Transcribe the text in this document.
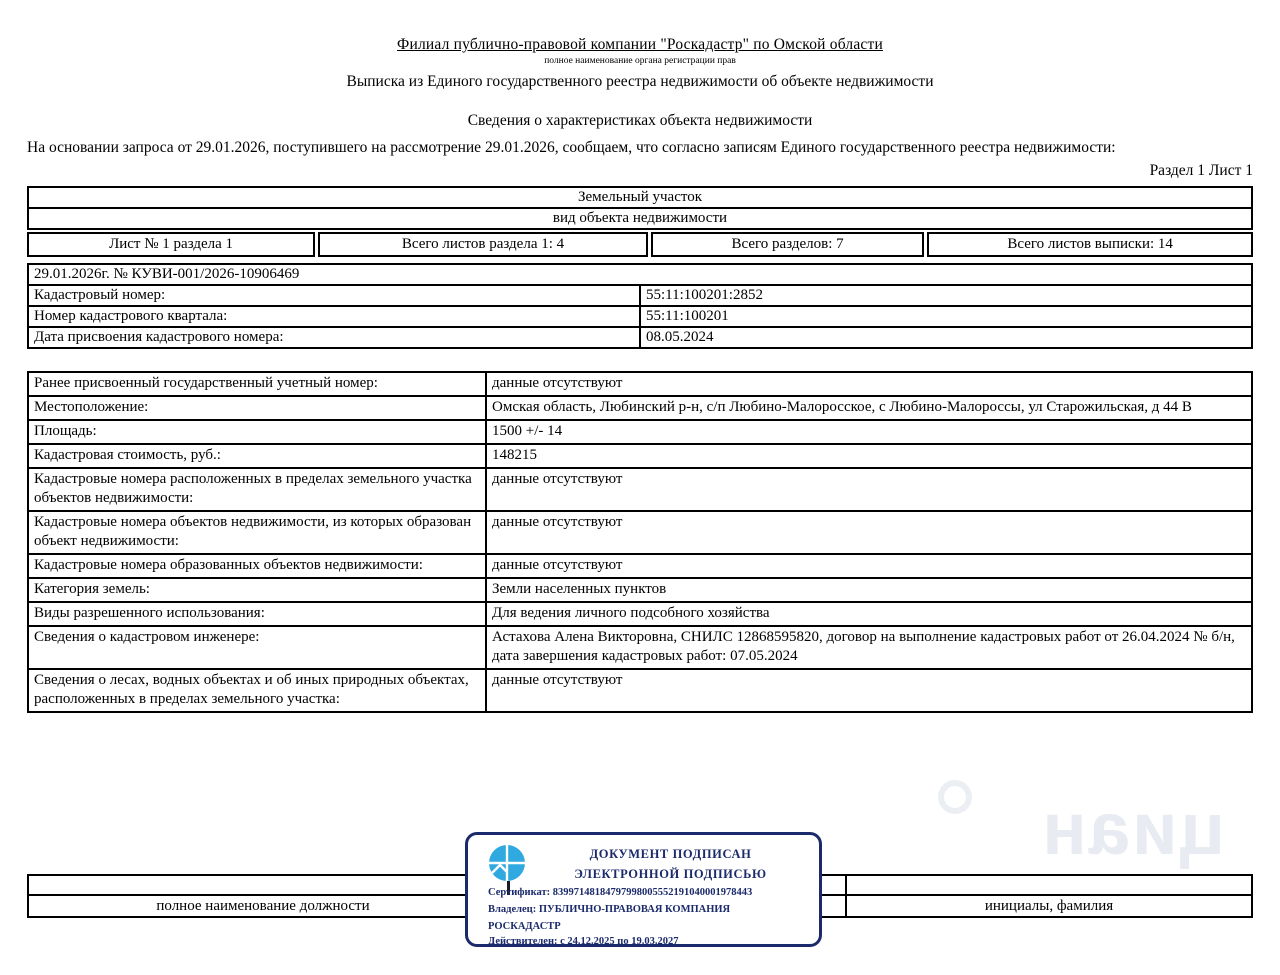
циан
Филиал публично-правовой компании "Роскадастр" по Омской области
полное наименование органа регистрации прав
Выписка из Единого государственного реестра недвижимости об объекте недвижимости
Сведения о характеристиках объекта недвижимости
На основании запроса от 29.01.2026, поступившего на рассмотрение 29.01.2026, сообщаем, что согласно записям Единого государственного реестра недвижимости:
Раздел 1 Лист 1
Земельный участок
вид объекта недвижимости
Лист № 1 раздела 1	Всего листов раздела 1: 4	Всего разделов: 7	Всего листов выписки: 14
29.01.2026г. № КУВИ-001/2026-10906469	
Кадастровый номер:	55:11:100201:2852
Номер кадастрового квартала:	55:11:100201
Дата присвоения кадастрового номера:	08.05.2024
Ранее присвоенный государственный учетный номер:	данные отсутствуют
Местоположение:	Омская область, Любинский р-н, с/п Любино-Малоросское, с Любино-Малороссы, ул Старожильская, д 44 В
Площадь:	1500 +/- 14
Кадастровая стоимость, руб.:	148215
Кадастровые номера расположенных в пределах земельного участка объектов недвижимости:	данные отсутствуют
Кадастровые номера объектов недвижимости, из которых образован объект недвижимости:	данные отсутствуют
Кадастровые номера образованных объектов недвижимости:	данные отсутствуют
Категория земель:	Земли населенных пунктов
Виды разрешенного использования:	Для ведения личного подсобного хозяйства
Сведения о кадастровом инженере:	Астахова Алена Викторовна, СНИЛС 12868595820, договор на выполнение кадастровых работ от 26.04.2024 № б/н, дата завершения кадастровых работ: 07.05.2024
Сведения о лесах, водных объектах и об иных природных объектах, расположенных в пределах земельного участка:	данные отсутствуют

полное наименование должности		инициалы, фамилия
ДОКУМЕНТ ПОДПИСАН
ЭЛЕКТРОННОЙ ПОДПИСЬЮ
Сертификат: 83997148184797998005552191040001978443
Владелец: ПУБЛИЧНО-ПРАВОВАЯ КОМПАНИЯ
РОСКАДАСТР
Действителен: с 24.12.2025 по 19.03.2027
